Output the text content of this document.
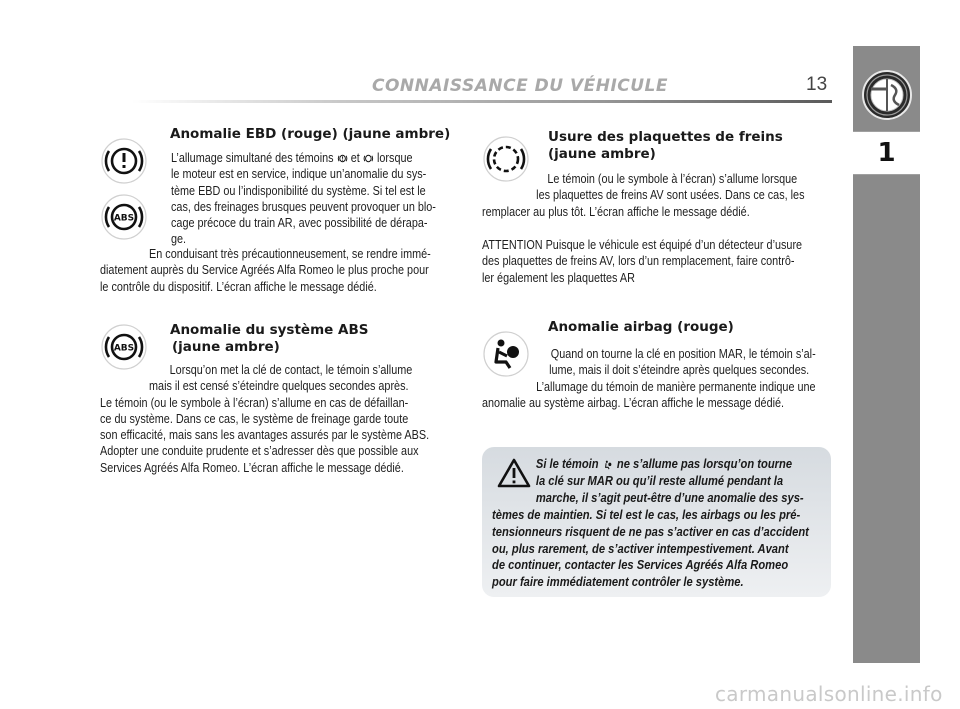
CONNAISSANCE DU VÉHICULE	13
1
ABS
Anomalie EBD (rouge) (jaune ambre)
L’allumage simultané des témoins et lorsque
le moteur est en service, indique un’anomalie du sys-
tème EBD ou l’indisponibilité du système. Si tel est le
cas, des freinages brusques peuvent provoquer un blo-
cage précoce du train AR, avec possibilité de dérapa-
ge.
En conduisant très précautionneusement, se rendre immé-
diatement auprès du Service Agréés Alfa Romeo le plus proche pour
le contrôle du dispositif. L’écran affiche le message dédié.
ABS
Anomalie du système ABS
(jaune ambre)
Lorsqu’on met la clé de contact, le témoin s’allume
mais il est censé s’éteindre quelques secondes après.
Le témoin (ou le symbole à l’écran) s’allume en cas de défaillan-
ce du système. Dans ce cas, le système de freinage garde toute
son efficacité, mais sans les avantages assurés par le système ABS.
Adopter une conduite prudente et s’adresser dès que possible aux
Services Agréés Alfa Romeo. L’écran affiche le message dédié.
Usure des plaquettes de freins
(jaune ambre)
Le témoin (ou le symbole à l’écran) s’allume lorsque
les plaquettes de freins AV sont usées. Dans ce cas, les
remplacer au plus tôt. L’écran affiche le message dédié.
ATTENTION Puisque le véhicule est équipé d’un détecteur d’usure
des plaquettes de freins AV, lors d’un remplacement, faire contrô-
ler également les plaquettes AR
Anomalie airbag (rouge)
Quand on tourne la clé en position MAR, le témoin s’al-
lume, mais il doit s’éteindre après quelques secondes.
L’allumage du témoin de manière permanente indique une
anomalie au système airbag. L’écran affiche le message dédié.
Si le témoin ne s’allume pas lorsqu’on tourne
la clé sur MAR ou qu’il reste allumé pendant la
marche, il s’agit peut-être d’une anomalie des sys-
tèmes de maintien. Si tel est le cas, les airbags ou les pré-
tensionneurs risquent de ne pas s’activer en cas d’accident
ou, plus rarement, de s’activer intempestivement. Avant
de continuer, contacter les Services Agréés Alfa Romeo
pour faire immédiatement contrôler le système.
carmanualsonline.info
